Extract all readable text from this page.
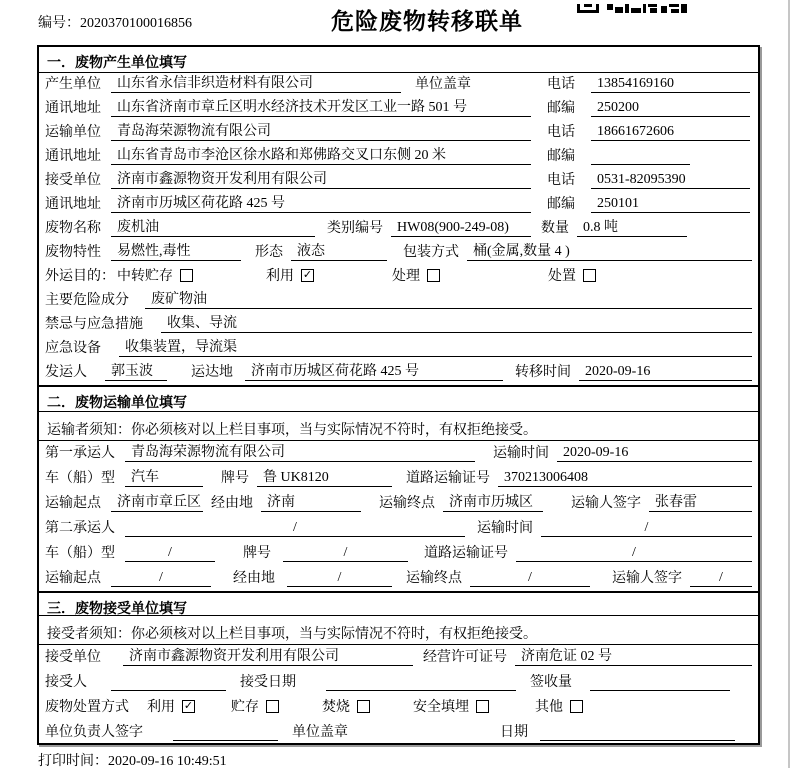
编号：2020370100016856	危险废物转移联单
一．废物产生单位填写
产生单位	山东省永信非织造材料有限公司	单位盖章	电话	13854169160
通讯地址	山东省济南市章丘区明水经济技术开发区工业一路 501 号	邮编	250200
运输单位	青岛海荣源物流有限公司	电话	18661672606
通讯地址	山东省青岛市李沧区徐水路和郑佛路交叉口东侧 20 米	邮编
接受单位	济南市鑫源物资开发利用有限公司	电话	0531-82095390
通讯地址	济南市历城区荷花路 425 号	邮编	250101
废物名称	废机油	类别编号	HW08(900-249-08)	数量	0.8 吨
废物特性	易燃性,毒性	形态	液态	包装方式	桶(金属,数量 4 )
外运目的： 中转贮存	利用 ✓	处理	处置
主要危险成分	废矿物油
禁忌与应急措施	收集、导流
应急设备	收集装置，导流渠
发运人	郭玉波	运达地	济南市历城区荷花路 425 号	转移时间	2020-09-16
二．废物运输单位填写
运输者须知：你必须核对以上栏目事项，当与实际情况不符时，有权拒绝接受。
第一承运人	青岛海荣源物流有限公司	运输时间	2020-09-16
车（船）型	汽车	牌号	鲁 UK8120	道路运输证号	370213006408
运输起点	济南市章丘区 经由地	济南	运输终点	济南市历城区	运输人签字	张春雷
第二承运人	/	运输时间	/
车（船）型	/	牌号	/	道路运输证号	/
运输起点	/	经由地	/	运输终点	/	运输人签字	/
三．废物接受单位填写
接受者须知：你必须核对以上栏目事项，当与实际情况不符时，有权拒绝接受。
接受单位	济南市鑫源物资开发利用有限公司	经营许可证号	济南危证 02 号
接受人	接受日期	签收量
废物处置方式 利用 ✓	贮存	焚烧	安全填埋	其他
单位负责人签字	单位盖章	日期
打印时间：2020-09-16 10:49:51
